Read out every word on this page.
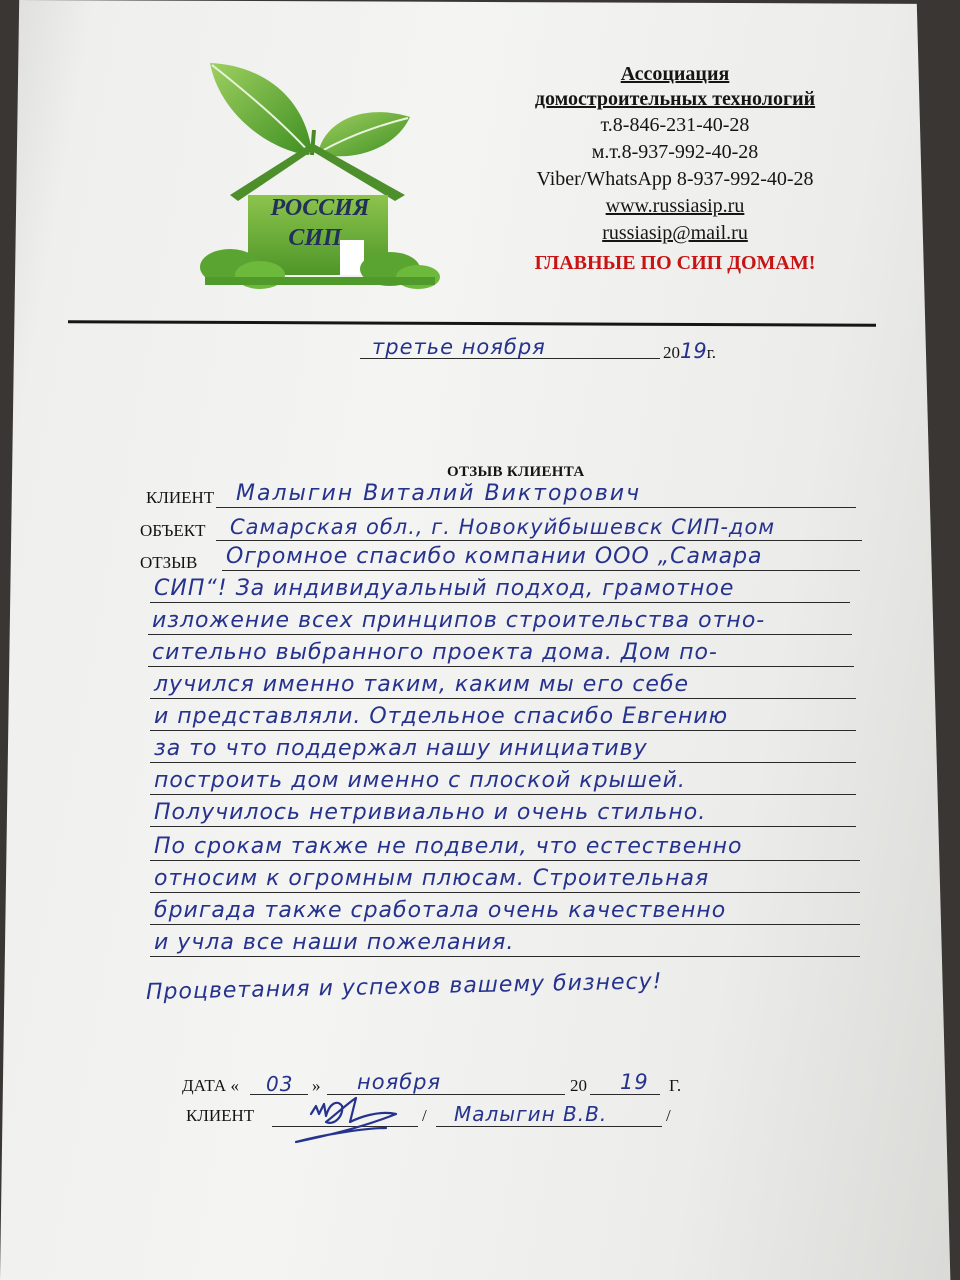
РОССИЯ
СИП
Ассоциация
домостроительных технологий
т.8-846-231-40-28
м.т.8-937-992-40-28
Viber/WhatsApp 8-937-992-40-28
www.russiasip.ru
russiasip@mail.ru
ГЛАВНЫЕ ПО СИП ДОМАМ!
третье ноября	2019г.
ОТЗЫВ КЛИЕНТА
КЛИЕНТ Малыгин Виталий Викторович
ОБЪЕКТ Самарская обл., г. Новокуйбышевск СИП-дом
ОТЗЫВ Огромное спасибо компании ООО „Самара
СИП“! За индивидуальный подход, грамотное
изложение всех принципов строительства отно-
сительно выбранного проекта дома. Дом по-
лучился именно таким, каким мы его себе
и представляли. Отдельное спасибо Евгению
за то что поддержал нашу инициативу
построить дом именно с плоской крышей.
Получилось нетривиально и очень стильно.
По срокам также не подвели, что естественно
относим к огромным плюсам. Строительная
бригада также сработала очень качественно
и учла все наши пожелания.
Процветания и успехов вашему бизнесу!
ДАТА « 03 » ноября	20 19 Г.
КЛИЕНТ	/ Малыгин В.В.	/
